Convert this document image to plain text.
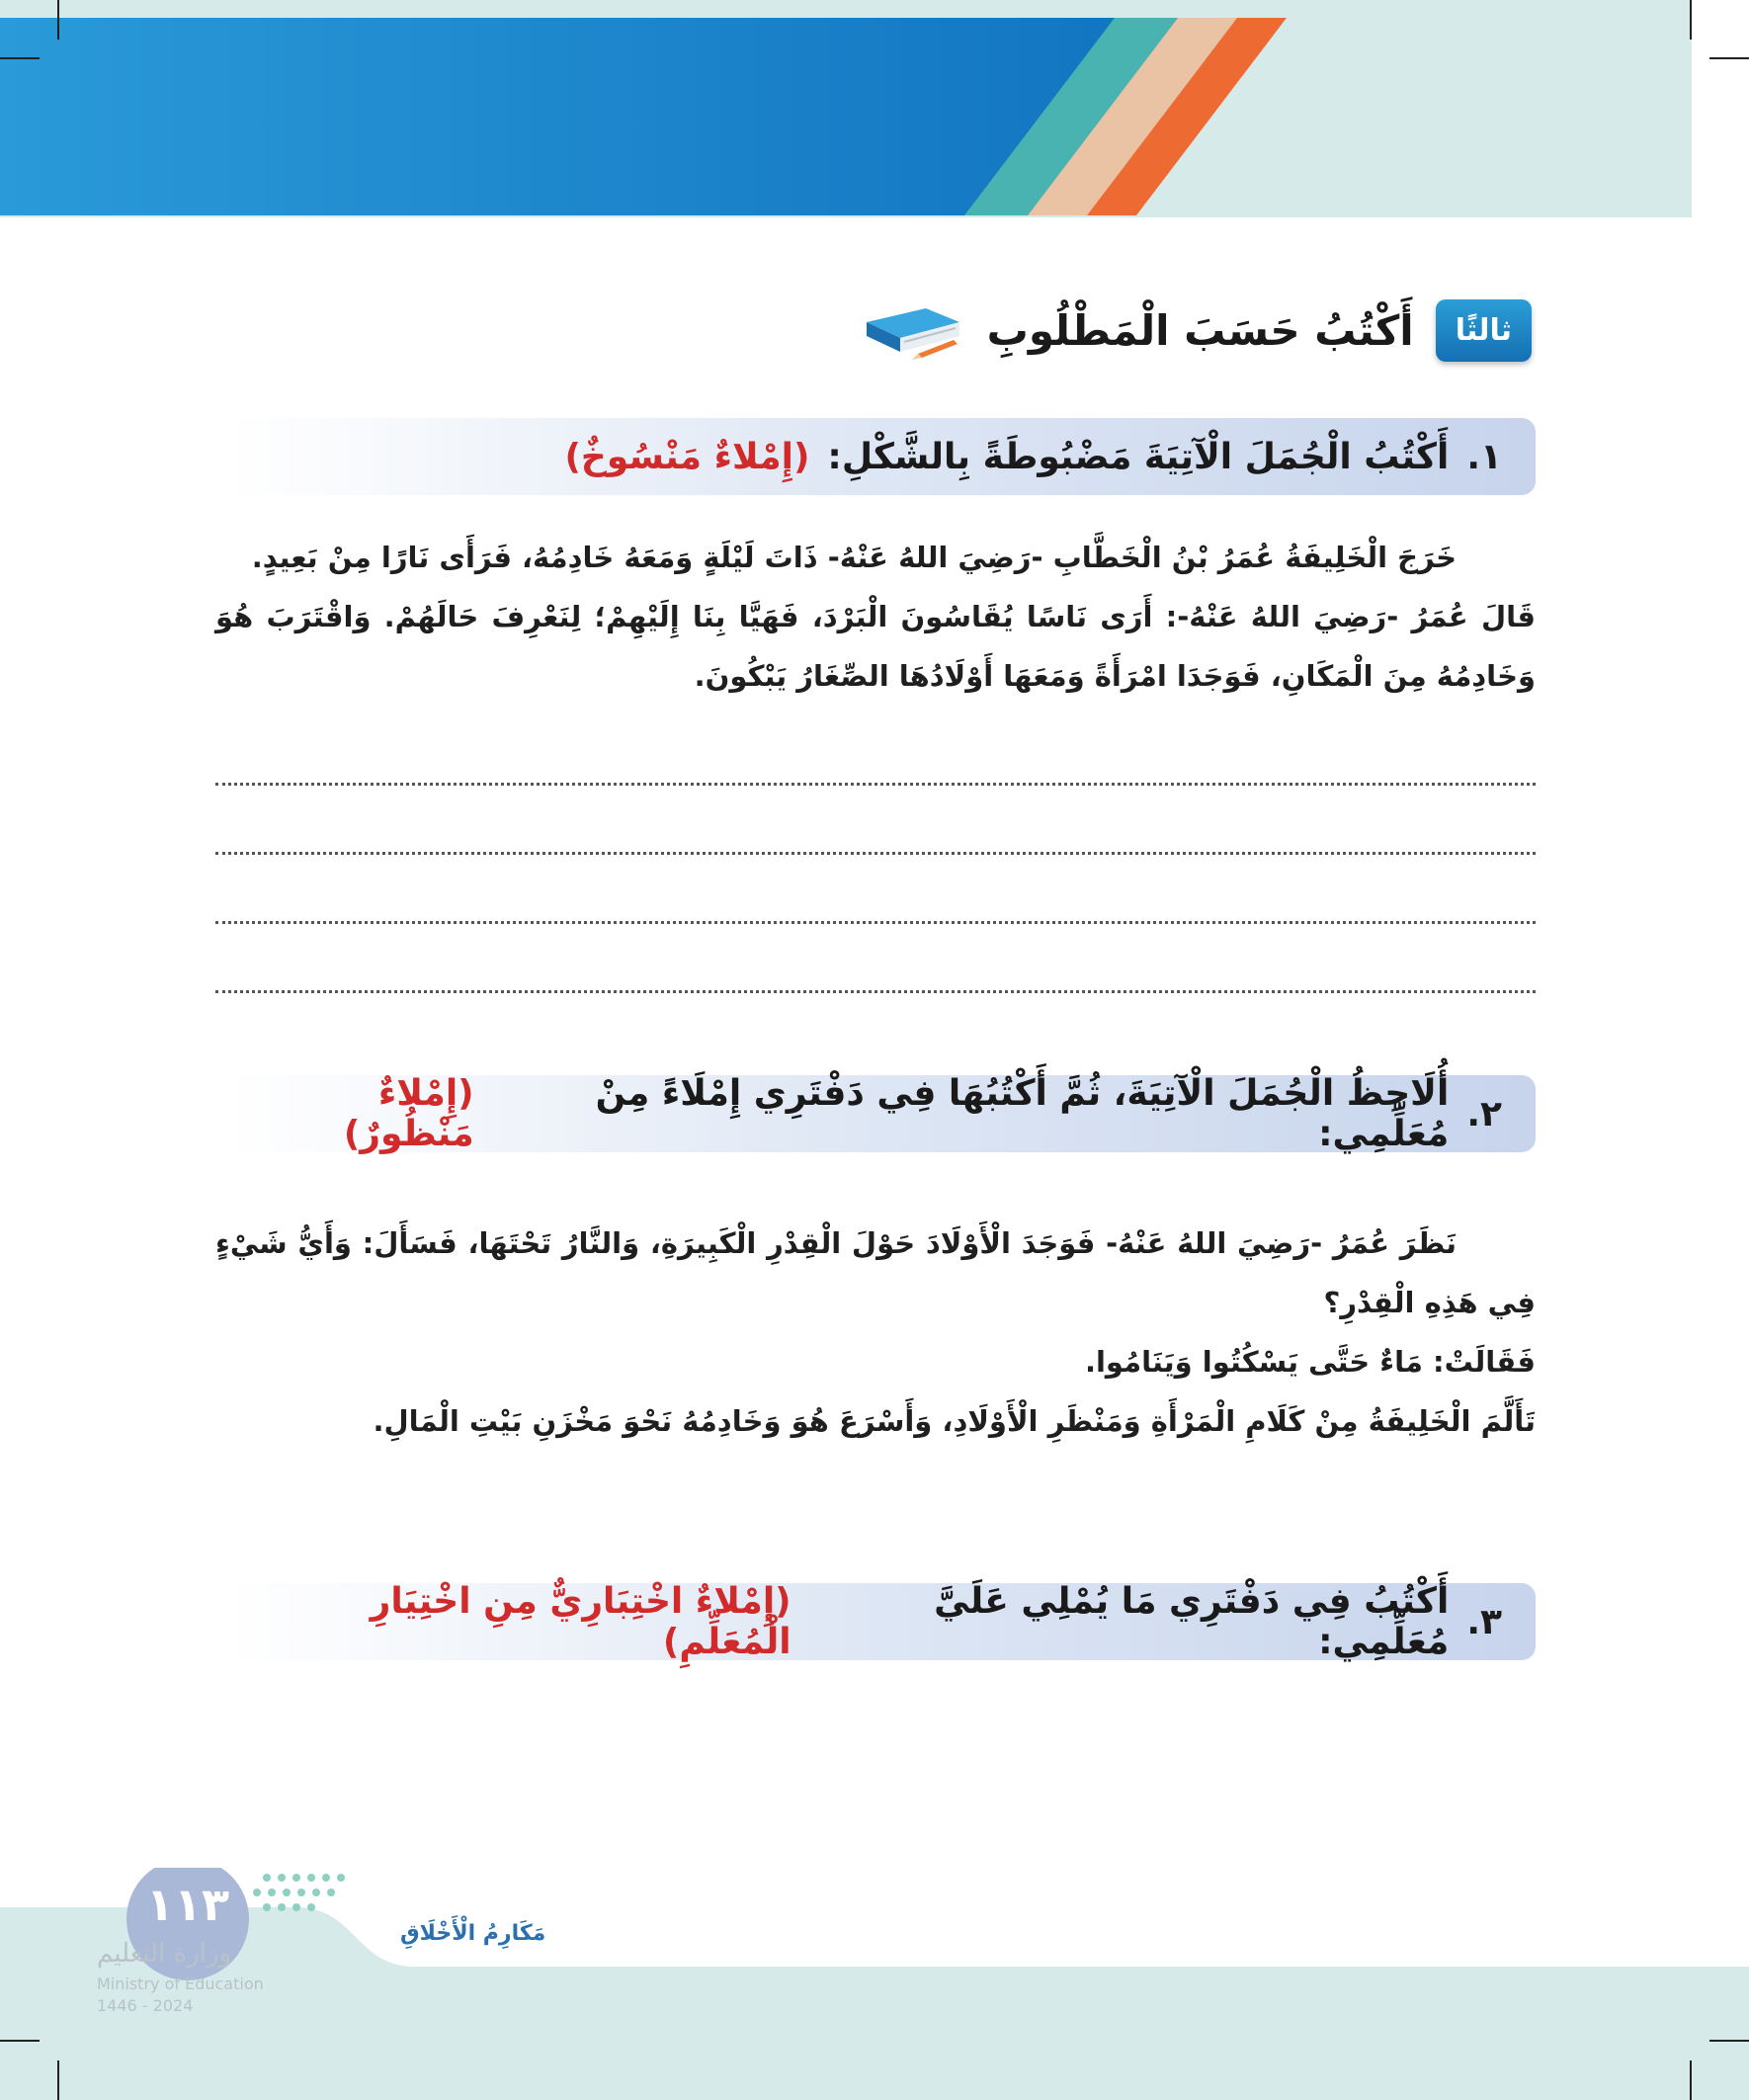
ثالثًا
أَكْتُبُ حَسَبَ الْمَطْلُوبِ
١.
أَكْتُبُ الْجُمَلَ الْآتِيَةَ مَضْبُوطَةً بِالشَّكْلِ:
(إِمْلاءٌ مَنْسُوخٌ)

خَرَجَ الْخَلِيفَةُ عُمَرُ بْنُ الْخَطَّابِ -رَضِيَ اللهُ عَنْهُ- ذَاتَ لَيْلَةٍ وَمَعَهُ خَادِمُهُ، فَرَأَى نَارًا مِنْ بَعِيدٍ.

قَالَ عُمَرُ -رَضِيَ اللهُ عَنْهُ-: أَرَى نَاسًا يُقَاسُونَ الْبَرْدَ، فَهَيَّا بِنَا إِلَيْهِمْ؛ لِنَعْرِفَ حَالَهُمْ. وَاقْتَرَبَ هُوَ وَخَادِمُهُ مِنَ الْمَكَانِ، فَوَجَدَا امْرَأَةً وَمَعَهَا أَوْلَادُهَا الصِّغَارُ يَبْكُونَ.

٢.
أُلَاحِظُ الْجُمَلَ الْآتِيَةَ، ثُمَّ أَكْتُبُهَا فِي دَفْتَرِي إِمْلَاءً مِنْ مُعَلِّمِي:
(إِمْلاءٌ مَنْظُورٌ)

نَظَرَ عُمَرُ -رَضِيَ اللهُ عَنْهُ- فَوَجَدَ الْأَوْلَادَ حَوْلَ الْقِدْرِ الْكَبِيرَةِ، وَالنَّارُ تَحْتَهَا، فَسَأَلَ: وَأَيُّ شَيْءٍ فِي هَذِهِ الْقِدْرِ؟

فَقَالَتْ: مَاءٌ حَتَّى يَسْكُتُوا وَيَنَامُوا.

تَأَلَّمَ الْخَلِيفَةُ مِنْ كَلَامِ الْمَرْأَةِ وَمَنْظَرِ الْأَوْلَادِ، وَأَسْرَعَ هُوَ وَخَادِمُهُ نَحْوَ مَخْزَنِ بَيْتِ الْمَالِ.

٣.
أَكْتُبُ فِي دَفْتَرِي مَا يُمْلِي عَلَيَّ مُعَلِّمِي:
(إِمْلاءٌ اخْتِبَارِيٌّ مِنِ اخْتِيَارِ الْمُعَلِّمِ)
١١٣
مَكَارِمُ الْأَخْلَاقِ
وزارة التعليم
Ministry of Education
2024 - 1446
